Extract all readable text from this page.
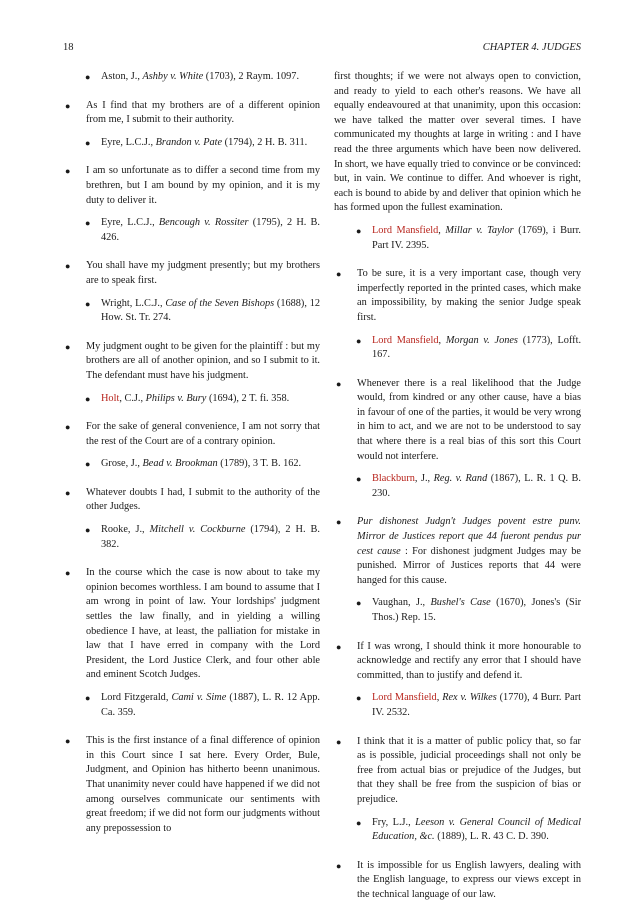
18	CHAPTER 4. JUDGES
● Aston, J., Ashby v. White (1703), 2 Raym. 1097.
● As I find that my brothers are of a different opinion from me, I submit to their authority.
● Eyre, L.C.J., Brandon v. Pate (1794), 2 H. B. 311.
● I am so unfortunate as to differ a second time from my brethren, but I am bound by my opinion, and it is my duty to deliver it.
● Eyre, L.C.J., Bencough v. Rossiter (1795), 2 H. B. 426.
● You shall have my judgment presently; but my brothers are to speak first.
● Wright, L.C.J., Case of the Seven Bishops (1688), 12 How. St. Tr. 274.
● My judgment ought to be given for the plaintiff : but my brothers are all of another opinion, and so I submit to it. The defendant must have his judgment.
● Holt, C.J., Philips v. Bury (1694), 2 T. fi. 358.
● For the sake of general convenience, I am not sorry that the rest of the Court are of a contrary opinion.
● Grose, J., Bead v. Brookman (1789), 3 T. B. 162.
● Whatever doubts I had, I submit to the authority of the other Judges.
● Rooke, J., Mitchell v. Cockburne (1794), 2 H. B. 382.
● In the course which the case is now about to take my opinion becomes worthless. I am bound to assume that I am wrong in point of law. Your lordships' judgment settles the law finally, and in yielding a willing obedience I have, at least, the palliation for mistake in law that I have erred in company with the Lord President, the Lord Justice Clerk, and four other able and eminent Scotch Judges.
● Lord Fitzgerald, Cami v. Sime (1887), L. R. 12 App. Ca. 359.
● This is the first instance of a final difference of opinion in this Court since I sat here. Every Order, Bule, Judgment, and Opinion has hitherto beenn unanimous. That unanimity never could have happened if we did not among ourselves communicate our sentiments with great freedom; if we did not form our judgments without any prepossession to
first thoughts; if we were not always open to conviction, and ready to yield to each other's reasons. We have all equally endeavoured at that unanimity, upon this occasion: we have talked the matter over several times. I have communicated my thoughts at large in writing : and I have read the three arguments which have been now delivered. In short, we have equally tried to convince or be convinced: but, in vain. We continue to differ. And whoever is right, each is bound to abide by and deliver that opinion which he has formed upon the fullest examination.
● Lord Mansfield, Millar v. Taylor (1769), i Burr. Part IV. 2395.
● To be sure, it is a very important case, though very imperfectly reported in the printed cases, which make an impossibility, by making the senior Judge speak first.
● Lord Mansfield, Morgan v. Jones (1773), Lofft. 167.
● Whenever there is a real likelihood that the Judge would, from kindred or any other cause, have a bias in favour of one of the parties, it would be very wrong in him to act, and we are not to be understood to say that where there is a real bias of this sort this Court would not interfere.
● Blackburn, J., Reg. v. Rand (1867), L. R. 1 Q. B. 230.
● Pur dishonest Judgn't Judges povent estre punv. Mirror de Justices report que 44 fueront pendus pur cest cause : For dishonest judgment Judges may be punished. Mirror of Justices reports that 44 were hanged for this cause.
● Vaughan, J., Bushel's Case (1670), Jones's (Sir Thos.) Rep. 15.
● If I was wrong, I should think it more honourable to acknowledge and rectify any error that I should have committed, than to justify and defend it.
● Lord Mansfield, Rex v. Wilkes (1770), 4 Burr. Part IV. 2532.
● I think that it is a matter of public policy that, so far as is possible, judicial proceedings shall not only be free from actual bias or prejudice of the Judges, but that they shall be free from the suspicion of bias or prejudice.
● Fry, L.J., Leeson v. General Council of Medical Education, &c. (1889), L. R. 43 C. D. 390.
● It is impossible for us English lawyers, dealing with the English language, to express our views except in the technical language of our law.
